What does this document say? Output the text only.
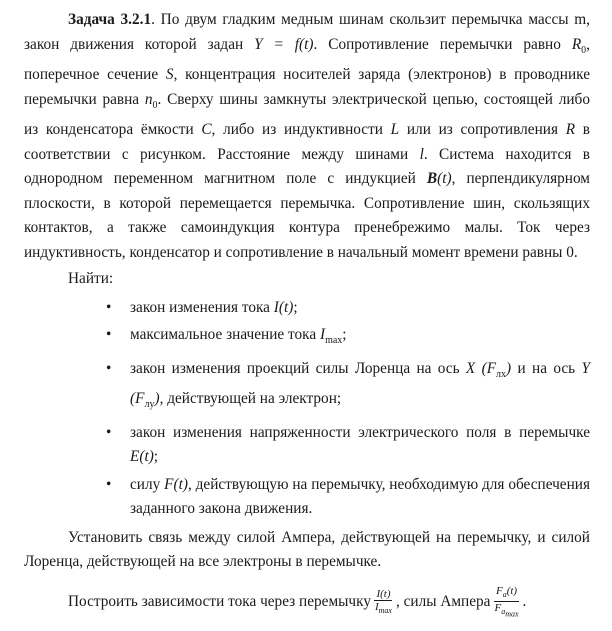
Задача 3.2.1. По двум гладким медным шинам скользит перемычка массы m, закон движения которой задан Y = f(t). Сопротивление перемычки равно $R_0$, поперечное сечение S, концентрация носителей заряда (электронов) в проводнике перемычки равна $n_0$. Сверху шины замкнуты электрической цепью, состоящей либо из конденсатора ёмкости C, либо из индуктивности L или из сопротивления R в соответствии с рисунком. Расстояние между шинами l. Система находится в однородном переменном магнитном поле с индукцией B(t), перпендикулярном плоскости, в которой перемещается перемычка. Сопротивление шин, скользящих контактов, а также самоиндукция контура пренебрежимо малы. Ток через индуктивность, конденсатор и сопротивление в начальный момент времени равны 0.

Найти:

•	закон изменения тока I(t);
•	максимальное значение тока $I_{max}$;
•	закон изменения проекций силы Лоренца на ось X $(F_{лx})$ и на ось Y $(F_{лy})$, действующей на электрон;
•	закон изменения напряженности электрического поля в перемычке E(t);
•	силу F(t), действующую на перемычку, необходимую для обеспечения заданного закона движения.

Установить связь между силой Ампера, действующей на перемычку, и силой Лоренца, действующей на все электроны в перемычке.

Построить зависимости тока через перемычку $\frac{I(t)}{I_{max}}$ , силы Ампера $\frac{F_a(t)}{F_{a_{max}}}$ .
